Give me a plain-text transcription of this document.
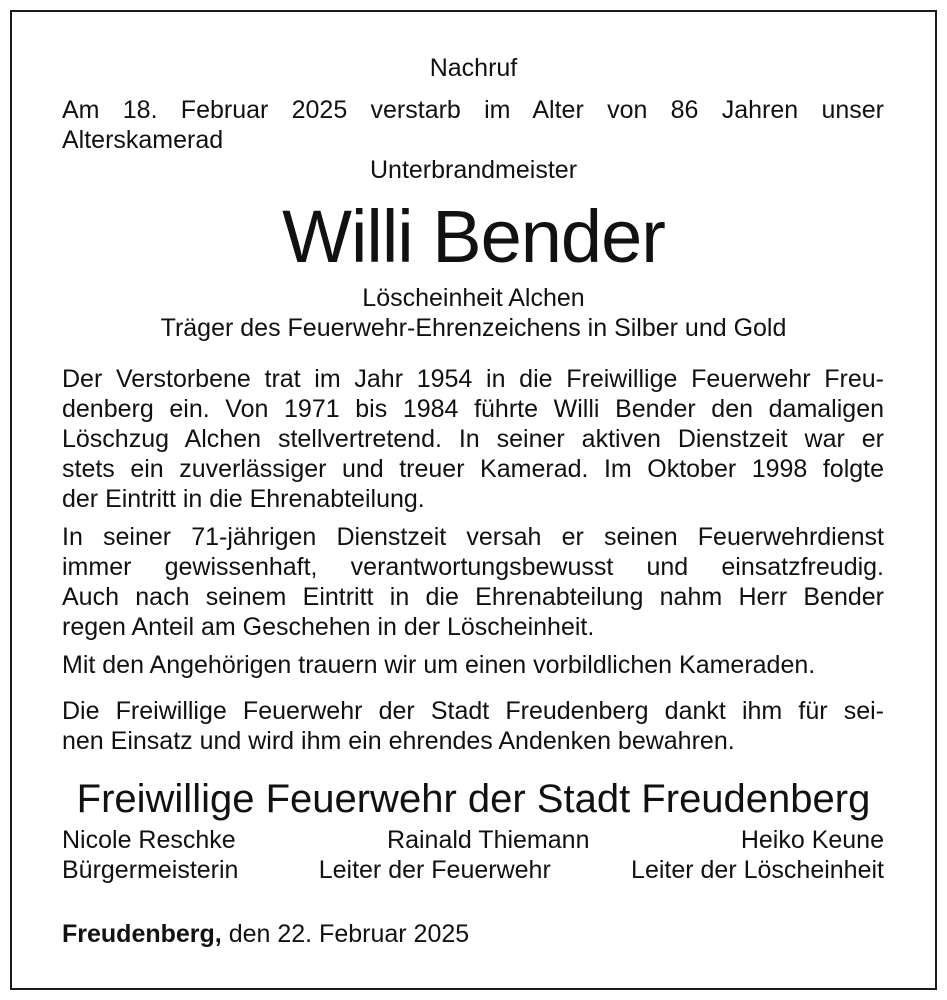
Nachruf
Am 18. Februar 2025 verstarb im Alter von 86 Jahren unser
Alterskamerad
Unterbrandmeister
Willi Bender
Löscheinheit Alchen
Träger des Feuerwehr-Ehrenzeichens in Silber und Gold
Der Verstorbene trat im Jahr 1954 in die Freiwillige Feuerwehr Freu-
denberg ein. Von 1971 bis 1984 führte Willi Bender den damaligen
Löschzug Alchen stellvertretend. In seiner aktiven Dienstzeit war er
stets ein zuverlässiger und treuer Kamerad. Im Oktober 1998 folgte
der Eintritt in die Ehrenabteilung.
In seiner 71-jährigen Dienstzeit versah er seinen Feuerwehrdienst
immer gewissenhaft, verantwortungsbewusst und einsatzfreudig.
Auch nach seinem Eintritt in die Ehrenabteilung nahm Herr Bender
regen Anteil am Geschehen in der Löscheinheit.
Mit den Angehörigen trauern wir um einen vorbildlichen Kameraden.
Die Freiwillige Feuerwehr der Stadt Freudenberg dankt ihm für sei-
nen Einsatz und wird ihm ein ehrendes Andenken bewahren.
Freiwillige Feuerwehr der Stadt Freudenberg
Nicole Reschke	Rainald Thiemann	Heiko Keune
Bürgermeisterin	Leiter der Feuerwehr	Leiter der Löscheinheit
Freudenberg, den 22. Februar 2025
